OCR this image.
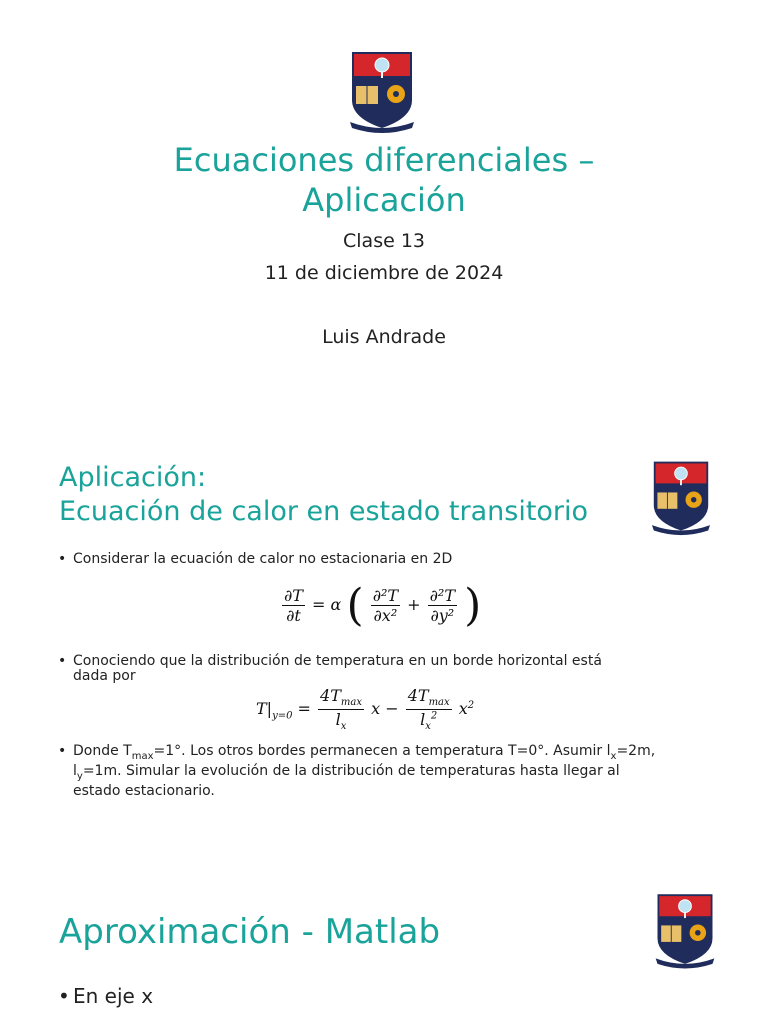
Ecuaciones diferenciales –
Aplicación
Clase 13
11 de diciembre de 2024
Luis Andrade
Aplicación:
Ecuación de calor en estado transitorio
• Considerar la ecuación de calor no estacionaria en 2D
$\frac{\partial T}{\partial t} = \alpha$ ( $\frac{\text{∂²T}}{\text{∂x²}} + \frac{\text{∂²T}}{\text{∂y²}}$ )
• Conociendo que la distribución de temperatura en un borde horizontal está
dada por
$T|_{y=0} = \frac{4T_{max}}{l_x}$ $x - \frac{4T_{max}}{l_x^2} x^2$
• Donde $T_{max}=1^\circ$. Los otros bordes permanecen a temperatura T=0°. Asumir $l_x=2m$,
$l_y=1m$. Simular la evolución de la distribución de temperaturas hasta llegar al
estado estacionario.
Aproximación - Matlab
• En eje x
